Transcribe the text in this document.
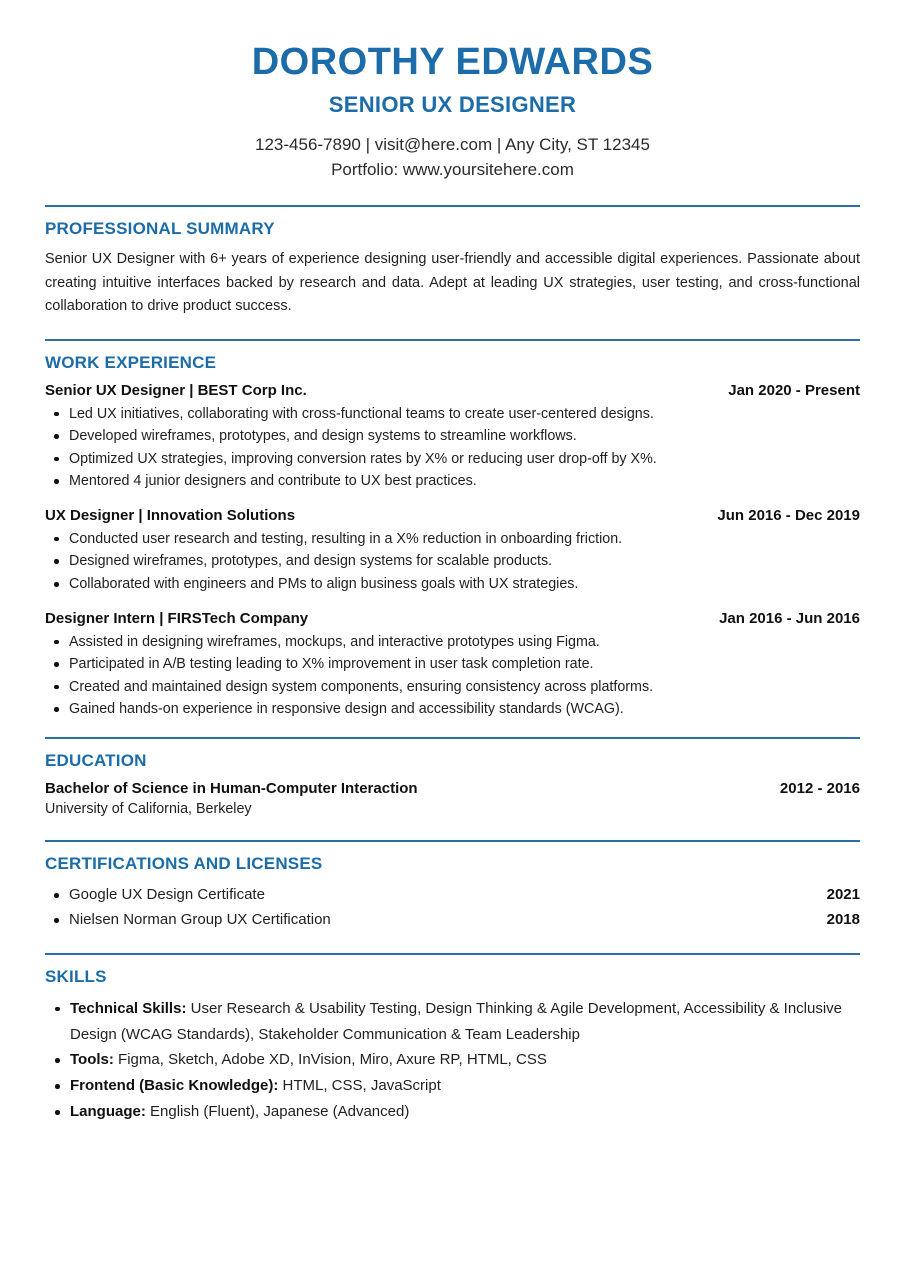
DOROTHY EDWARDS
SENIOR UX DESIGNER
123-456-7890 | visit@here.com | Any City, ST 12345
Portfolio: www.yoursitehere.com
PROFESSIONAL SUMMARY
Senior UX Designer with 6+ years of experience designing user-friendly and accessible digital experiences. Passionate about creating intuitive interfaces backed by research and data. Adept at leading UX strategies, user testing, and cross-functional collaboration to drive product success.
WORK EXPERIENCE
Senior UX Designer | BEST Corp Inc.	Jan 2020 - Present
Led UX initiatives, collaborating with cross-functional teams to create user-centered designs.
Developed wireframes, prototypes, and design systems to streamline workflows.
Optimized UX strategies, improving conversion rates by X% or reducing user drop-off by X%.
Mentored 4 junior designers and contribute to UX best practices.
UX Designer | Innovation Solutions	Jun 2016 - Dec 2019
Conducted user research and testing, resulting in a X% reduction in onboarding friction.
Designed wireframes, prototypes, and design systems for scalable products.
Collaborated with engineers and PMs to align business goals with UX strategies.
Designer Intern | FIRSTech Company	Jan 2016 - Jun 2016
Assisted in designing wireframes, mockups, and interactive prototypes using Figma.
Participated in A/B testing leading to X% improvement in user task completion rate.
Created and maintained design system components, ensuring consistency across platforms.
Gained hands-on experience in responsive design and accessibility standards (WCAG).
EDUCATION
Bachelor of Science in Human-Computer Interaction	2012 - 2016
University of California, Berkeley
CERTIFICATIONS AND LICENSES
Google UX Design Certificate	2021
Nielsen Norman Group UX Certification	2018
SKILLS
Technical Skills: User Research & Usability Testing, Design Thinking & Agile Development, Accessibility & Inclusive Design (WCAG Standards), Stakeholder Communication & Team Leadership
Tools: Figma, Sketch, Adobe XD, InVision, Miro, Axure RP, HTML, CSS
Frontend (Basic Knowledge): HTML, CSS, JavaScript
Language: English (Fluent), Japanese (Advanced)
